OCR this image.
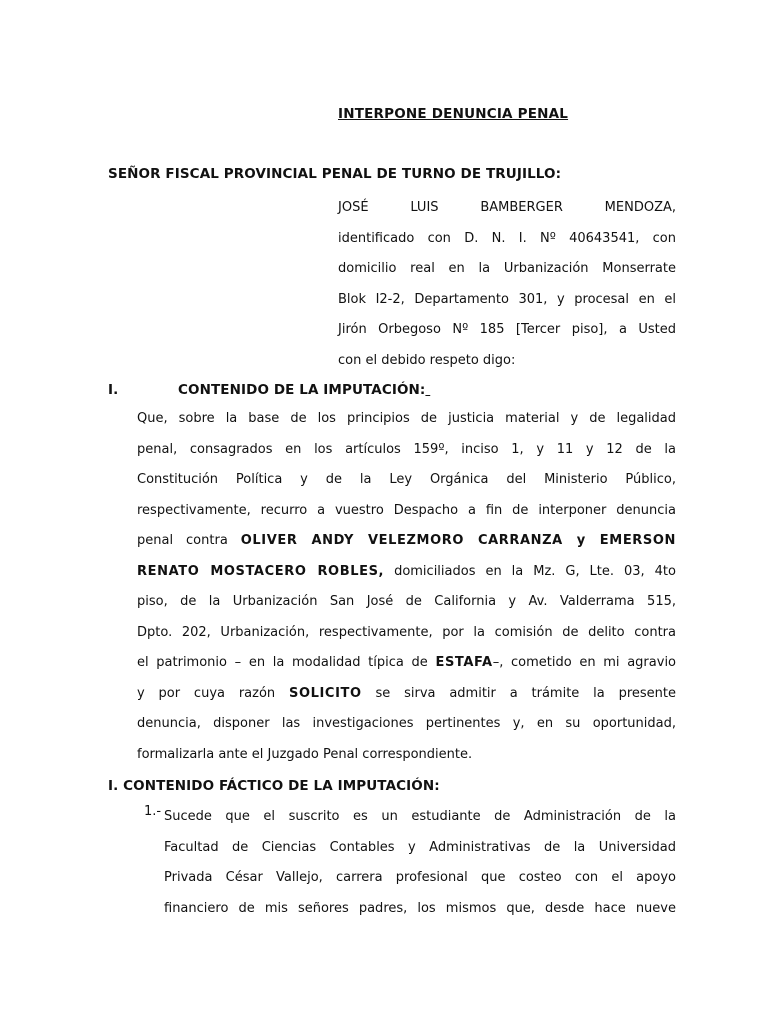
INTERPONE DENUNCIA PENAL
SEÑOR FISCAL PROVINCIAL PENAL DE TURNO DE TRUJILLO:
JOSÉ LUIS BAMBERGER MENDOZA,
identificado con D. N. I. Nº 40643541, con
domicilio real en la Urbanización Monserrate
Blok I2-2, Departamento 301, y procesal en el
Jirón Orbegoso Nº 185 [Tercer piso], a Usted
con el debido respeto digo:
I.	CONTENIDO DE LA IMPUTACIÓN:
Que, sobre la base de los principios de justicia material y de legalidad
penal, consagrados en los artículos 159º, inciso 1, y 11 y 12 de la
Constitución Política y de la Ley Orgánica del Ministerio Público,
respectivamente, recurro a vuestro Despacho a fin de interponer denuncia
penal contra OLIVER ANDY VELEZMORO CARRANZA y EMERSON
RENATO MOSTACERO ROBLES, domiciliados en la Mz. G, Lte. 03, 4to
piso, de la Urbanización San José de California y Av. Valderrama 515,
Dpto. 202, Urbanización, respectivamente, por la comisión de delito contra
el patrimonio – en la modalidad típica de ESTAFA–, cometido en mi agravio
y por cuya razón SOLICITO se sirva admitir a trámite la presente
denuncia, disponer las investigaciones pertinentes y, en su oportunidad,
formalizarla ante el Juzgado Penal correspondiente.
I. CONTENIDO FÁCTICO DE LA IMPUTACIÓN:
1.- Sucede que el suscrito es un estudiante de Administración de la
Facultad de Ciencias Contables y Administrativas de la Universidad
Privada César Vallejo, carrera profesional que costeo con el apoyo
financiero de mis señores padres, los mismos que, desde hace nueve
